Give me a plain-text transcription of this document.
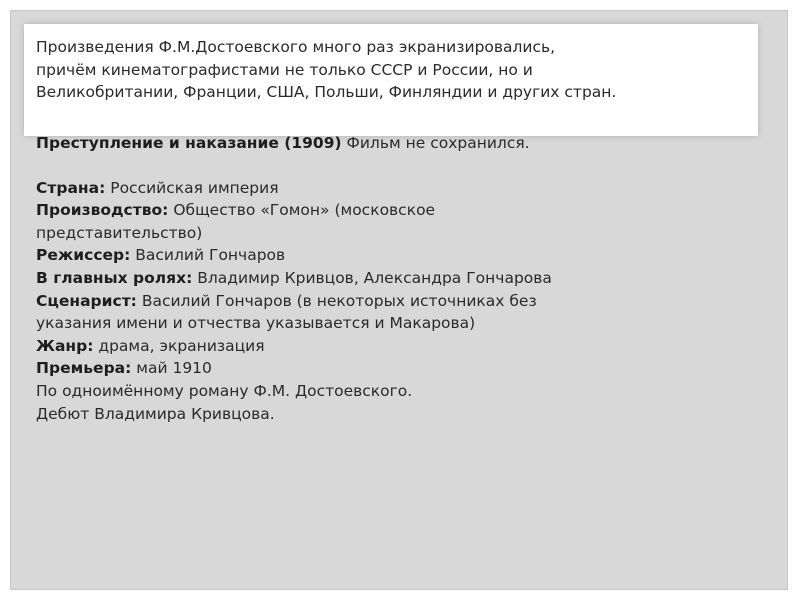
Произведения Ф.М.Достоевского много раз экранизировались,
причём кинематографистами не только СССР и России, но и
Великобритании, Франции, США, Польши, Финляндии и других стран.

Преступление и наказание (1909) Фильм не сохранился.
Страна: Российская империя
Производство: Общество «Гомон» (московское представительство)
Режиссер: Василий Гончаров
В главных ролях: Владимир Кривцов, Александра Гончарова
Сценарист: Василий Гончаров (в некоторых источниках без указания имени и отчества указывается и Макарова)
Жанр: драма, экранизация
Премьера: май 1910
По одноимённому роману Ф.М. Достоевского.
Дебют Владимира Кривцова.
